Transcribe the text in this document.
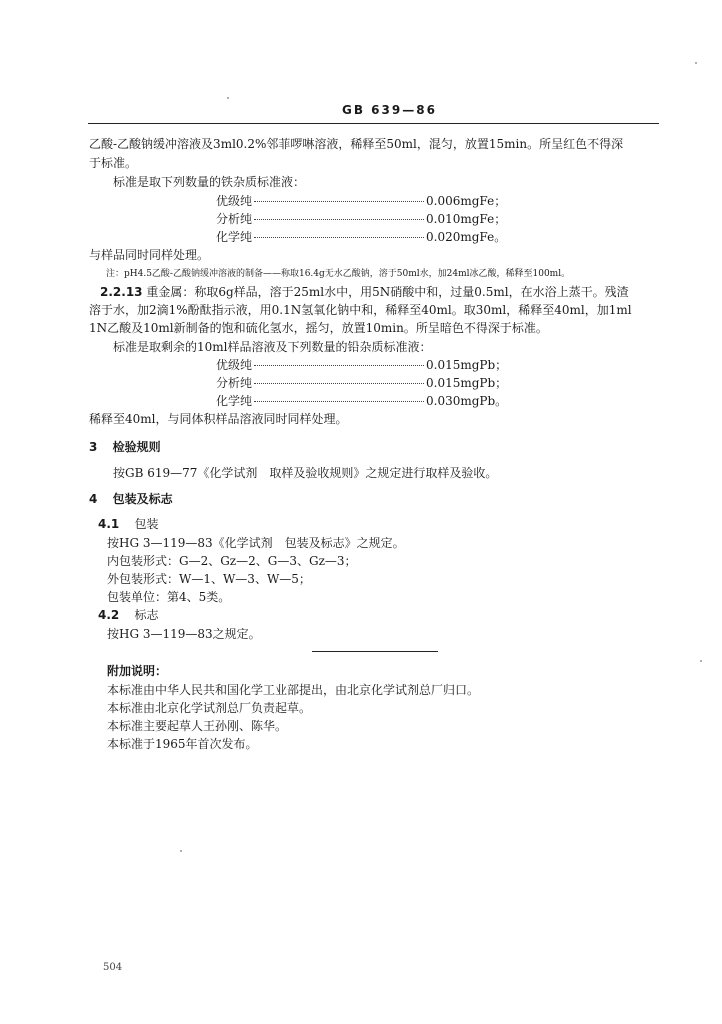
GB 639—86
乙酸-乙酸钠缓冲溶液及3ml0.2%邻菲啰啉溶液，稀释至50ml，混匀，放置15min。所呈红色不得深
于标准。
标准是取下列数量的铁杂质标准液：
优级纯	0.006mgFe；
分析纯	0.010mgFe；
化学纯	0.020mgFe。
与样品同时同样处理。
注：pH4.5乙酸-乙酸钠缓冲溶液的制备——称取16.4g无水乙酸钠，溶于50ml水，加24ml冰乙酸，稀释至100ml。
2.2.13 重金属：称取6g样品，溶于25ml水中，用5N硝酸中和，过量0.5ml，在水浴上蒸干。残渣
溶于水，加2滴1%酚酞指示液，用0.1N氢氧化钠中和，稀释至40ml。取30ml，稀释至40ml，加1ml
1N乙酸及10ml新制备的饱和硫化氢水，摇匀，放置10min。所呈暗色不得深于标准。
标准是取剩余的10ml样品溶液及下列数量的铅杂质标准液：
优级纯	0.015mgPb；
分析纯	0.015mgPb；
化学纯	0.030mgPb。
稀释至40ml，与同体积样品溶液同时同样处理。
3 检验规则
按GB 619—77《化学试剂　取样及验收规则》之规定进行取样及验收。
4 包装及标志
4.1 包装
按HG 3—119—83《化学试剂　包装及标志》之规定。
内包装形式：G—2、Gz—2、G—3、Gz—3；
外包装形式：W—1、W—3、W—5；
包装单位：第4、5类。
4.2 标志
按HG 3—119—83之规定。
附加说明：
本标准由中华人民共和国化学工业部提出，由北京化学试剂总厂归口。
本标准由北京化学试剂总厂负责起草。
本标准主要起草人王孙刚、陈华。
本标准于1965年首次发布。
504
